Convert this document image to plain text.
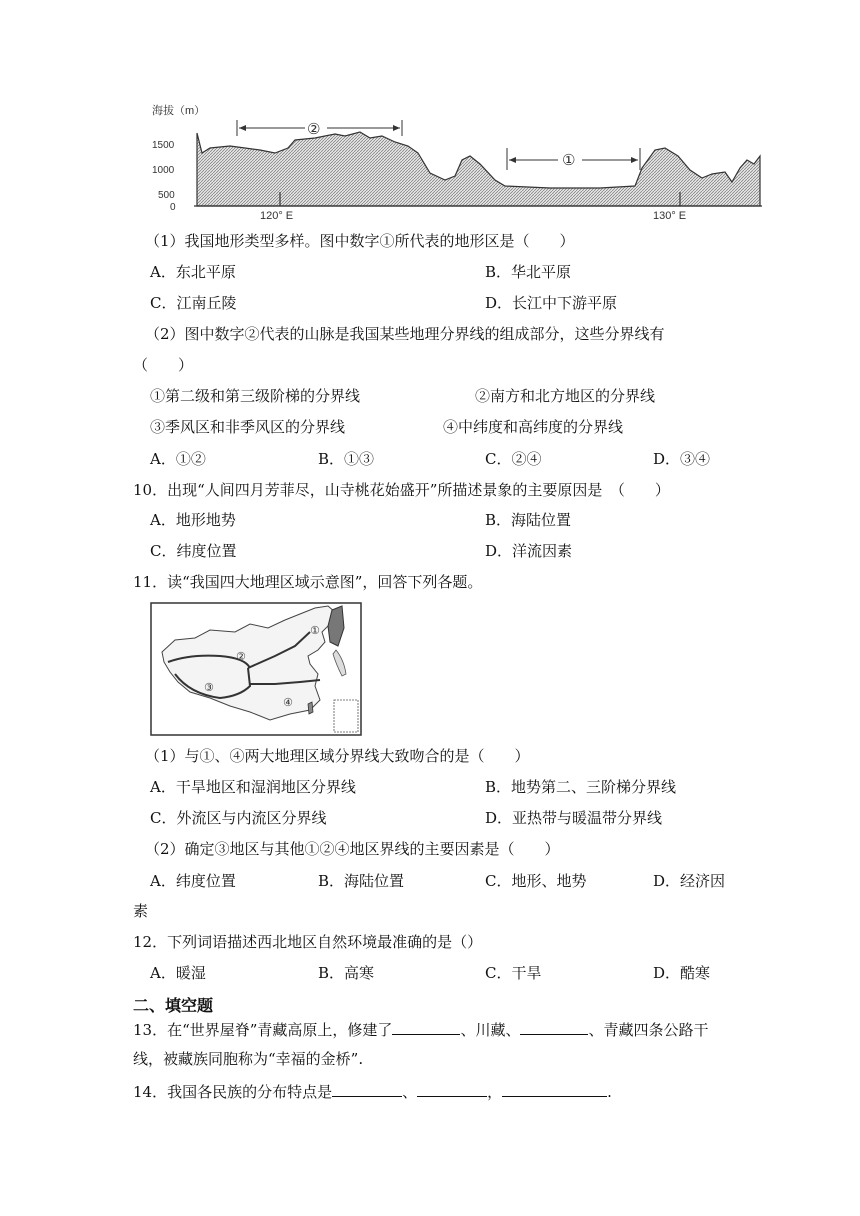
海拔（m）
1500
1000
500
0
120° E	130° E
②
①
（1）我国地形类型多样。图中数字①所代表的地形区是（　　）
A．东北平原	B．华北平原
C．江南丘陵	D．长江中下游平原
（2）图中数字②代表的山脉是我国某些地理分界线的组成部分，这些分界线有
（　　）
①第二级和第三级阶梯的分界线	②南方和北方地区的分界线
③季风区和非季风区的分界线	④中纬度和高纬度的分界线
A．①②	B．①③	C．②④	D．③④
10．出现“人间四月芳菲尽，山寺桃花始盛开”所描述景象的主要原因是　（　　）
A．地形地势	B．海陆位置
C．纬度位置	D．洋流因素
11．读“我国四大地理区域示意图”，回答下列各题。
①
②
③
④
（1）与①、④两大地理区域分界线大致吻合的是（　　）
A．干旱地区和湿润地区分界线	B．地势第二、三阶梯分界线
C．外流区与内流区分界线	D．亚热带与暖温带分界线
（2）确定③地区与其他①②④地区界线的主要因素是（　　）
A．纬度位置	B．海陆位置	C．地形、地势	D．经济因
素
12．下列词语描述西北地区自然环境最准确的是（）
A．暖湿	B．高寒	C．干旱	D．酷寒
二、填空题
13．在“世界屋脊”青藏高原上，修建了	、川藏、	、青藏四条公路干
线，被藏族同胞称为“幸福的金桥”.
14．我国各民族的分布特点是	、	，	.
